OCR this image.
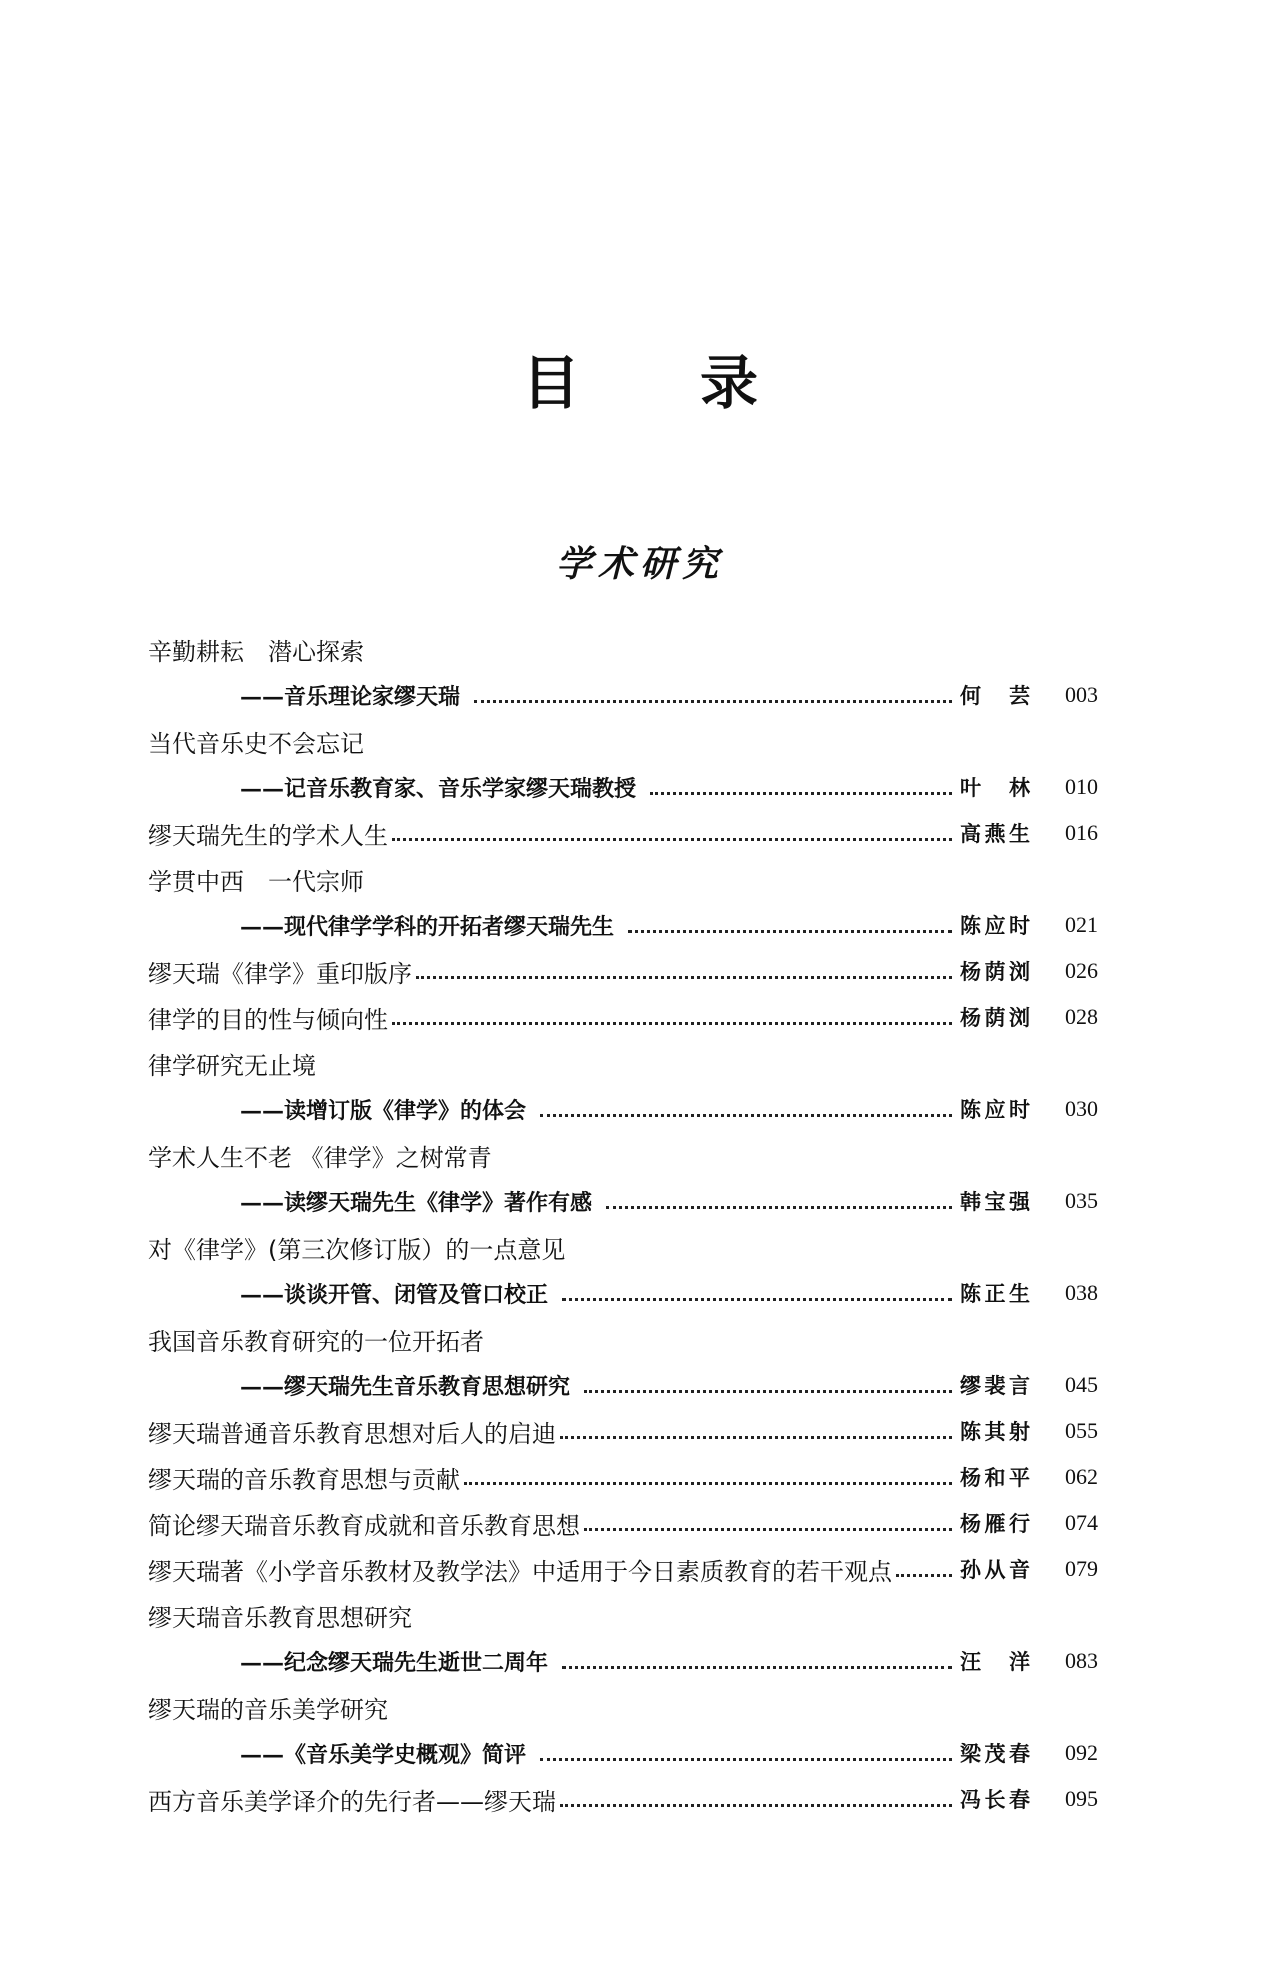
目 录
学术研究
辛勤耕耘　潜心探索
——音乐理论家缪天瑞	何 芸	003
当代音乐史不会忘记
——记音乐教育家、音乐学家缪天瑞教授	叶 林	010
缪天瑞先生的学术人生	高燕生	016
学贯中西　一代宗师
——现代律学学科的开拓者缪天瑞先生	陈应时	021
缪天瑞《律学》重印版序	杨荫浏	026
律学的目的性与倾向性	杨荫浏	028
律学研究无止境
——读增订版《律学》的体会	陈应时	030
学术人生不老 《律学》之树常青
——读缪天瑞先生《律学》著作有感	韩宝强	035
对《律学》(第三次修订版）的一点意见
——谈谈开管、闭管及管口校正	陈正生	038
我国音乐教育研究的一位开拓者
——缪天瑞先生音乐教育思想研究	缪裴言	045
缪天瑞普通音乐教育思想对后人的启迪	陈其射	055
缪天瑞的音乐教育思想与贡献	杨和平	062
简论缪天瑞音乐教育成就和音乐教育思想	杨雁行	074
缪天瑞著《小学音乐教材及教学法》中适用于今日素质教育的若干观点	孙从音	079
缪天瑞音乐教育思想研究
——纪念缪天瑞先生逝世二周年	汪 洋	083
缪天瑞的音乐美学研究
——《音乐美学史概观》简评	梁茂春	092
西方音乐美学译介的先行者——缪天瑞	冯长春	095
